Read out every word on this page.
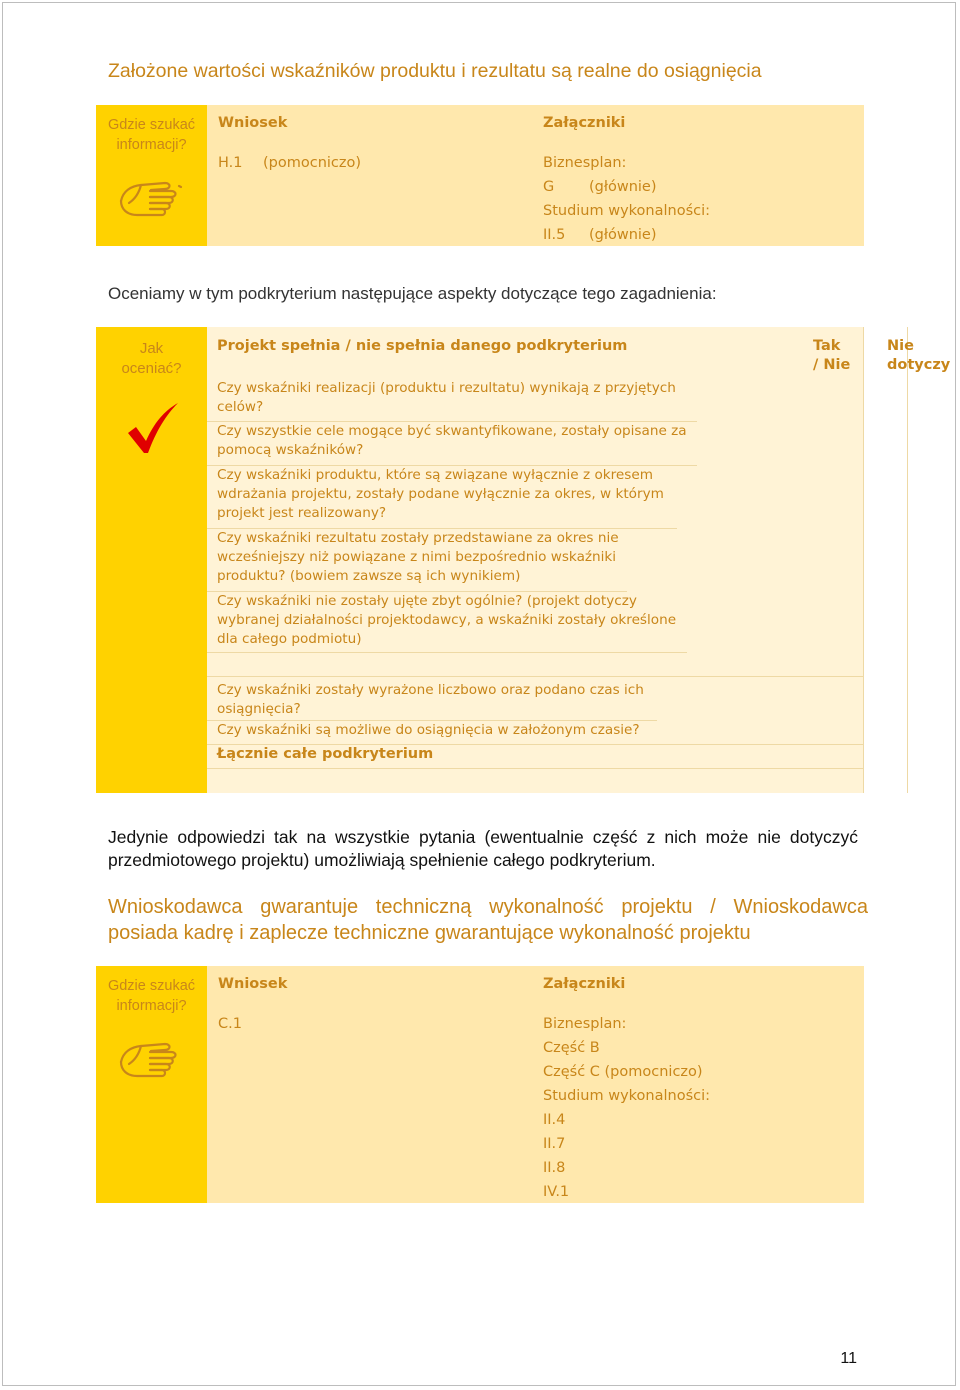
Założone wartości wskaźników produktu i rezultatu są realne do osiągnięcia
Gdzie szukać
informacji?
Wniosek
H.1 (pomocniczo)
Załączniki
Biznesplan:
G (głównie)
Studium wykonalności:
II.5 (głównie)

Oceniamy w tym podkryterium następujące aspekty dotyczące tego zagadnienia:

Jak
oceniać?
Tak
/ Nie
Nie
dotyczy
Projekt spełnia / nie spełnia danego podkryterium
Czy wskaźniki realizacji (produktu i rezultatu) wynikają z przyjętych celów?
Czy wszystkie cele mogące być skwantyfikowane, zostały opisane za pomocą wskaźników?
Czy wskaźniki produktu, które są związane wyłącznie z okresem wdrażania projektu, zostały podane wyłącznie za okres, w którym projekt jest realizowany?
Czy wskaźniki rezultatu zostały przedstawiane za okres nie wcześniejszy niż powiązane z nimi bezpośrednio wskaźniki produktu? (bowiem zawsze są ich wynikiem)
Czy wskaźniki nie zostały ujęte zbyt ogólnie? (projekt dotyczy wybranej działalności projektodawcy, a wskaźniki zostały określone dla całego podmiotu)
Czy wskaźniki zostały wyrażone liczbowo oraz podano czas ich osiągnięcia?
Czy wskaźniki są możliwe do osiągnięcia w założonym czasie?
Łącznie całe podkryterium

Jedynie odpowiedzi tak na wszystkie pytania (ewentualnie część z nich może nie dotyczyć przedmiotowego projektu) umożliwiają spełnienie całego podkryterium.

Wnioskodawca gwarantuje techniczną wykonalność projektu / Wnioskodawca posiada kadrę i zaplecze techniczne gwarantujące wykonalność projektu
Gdzie szukać
informacji?
Wniosek
C.1
Załączniki
Biznesplan:
Część B
Część C (pomocniczo)
Studium wykonalności:
II.4
II.7
II.8
IV.1
11
